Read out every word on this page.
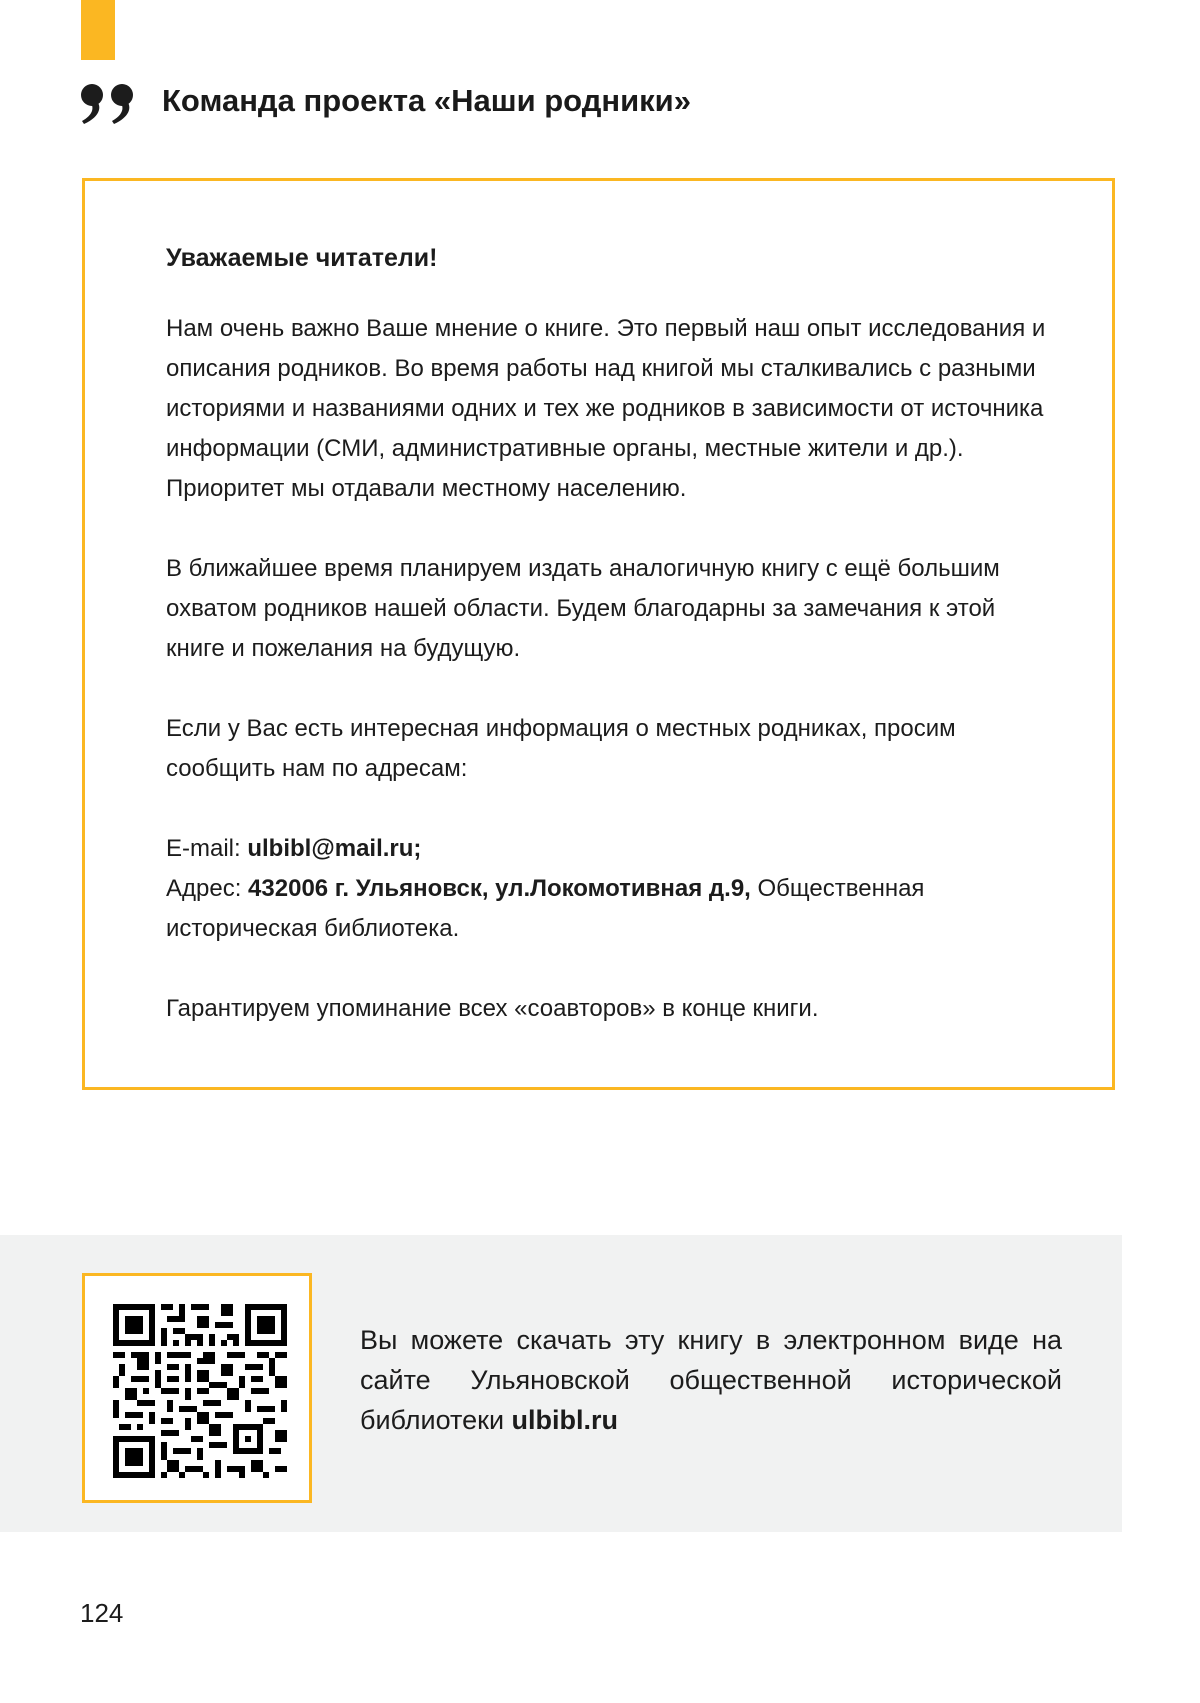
Команда проекта «Наши родники»

Уважаемые читатели!

Нам очень важно Ваше мнение о книге. Это первый наш опыт исследования и описания родников. Во время работы над книгой мы сталкивались с разными историями и названиями одних и тех же родников в зависимости от источника информации (СМИ, административные органы, местные жители и др.). Приоритет мы отдавали местному населению.

В ближайшее время планируем издать аналогичную книгу с ещё большим охватом родников нашей области. Будем благодарны за замечания к этой книге и пожелания на будущую.

Если у Вас есть интересная информация о местных родниках, просим сообщить нам по адресам:

E-mail: ulbibl@mail.ru;

Адрес: 432006 г. Ульяновск, ул.Локомотивная д.9, Общественная историческая библиотека.

Гарантируем упоминание всех «соавторов» в конце книги.

Вы можете скачать эту книгу в электронном виде на сайте Ульяновской общественной исторической библиотеки ulbibl.ru

124
